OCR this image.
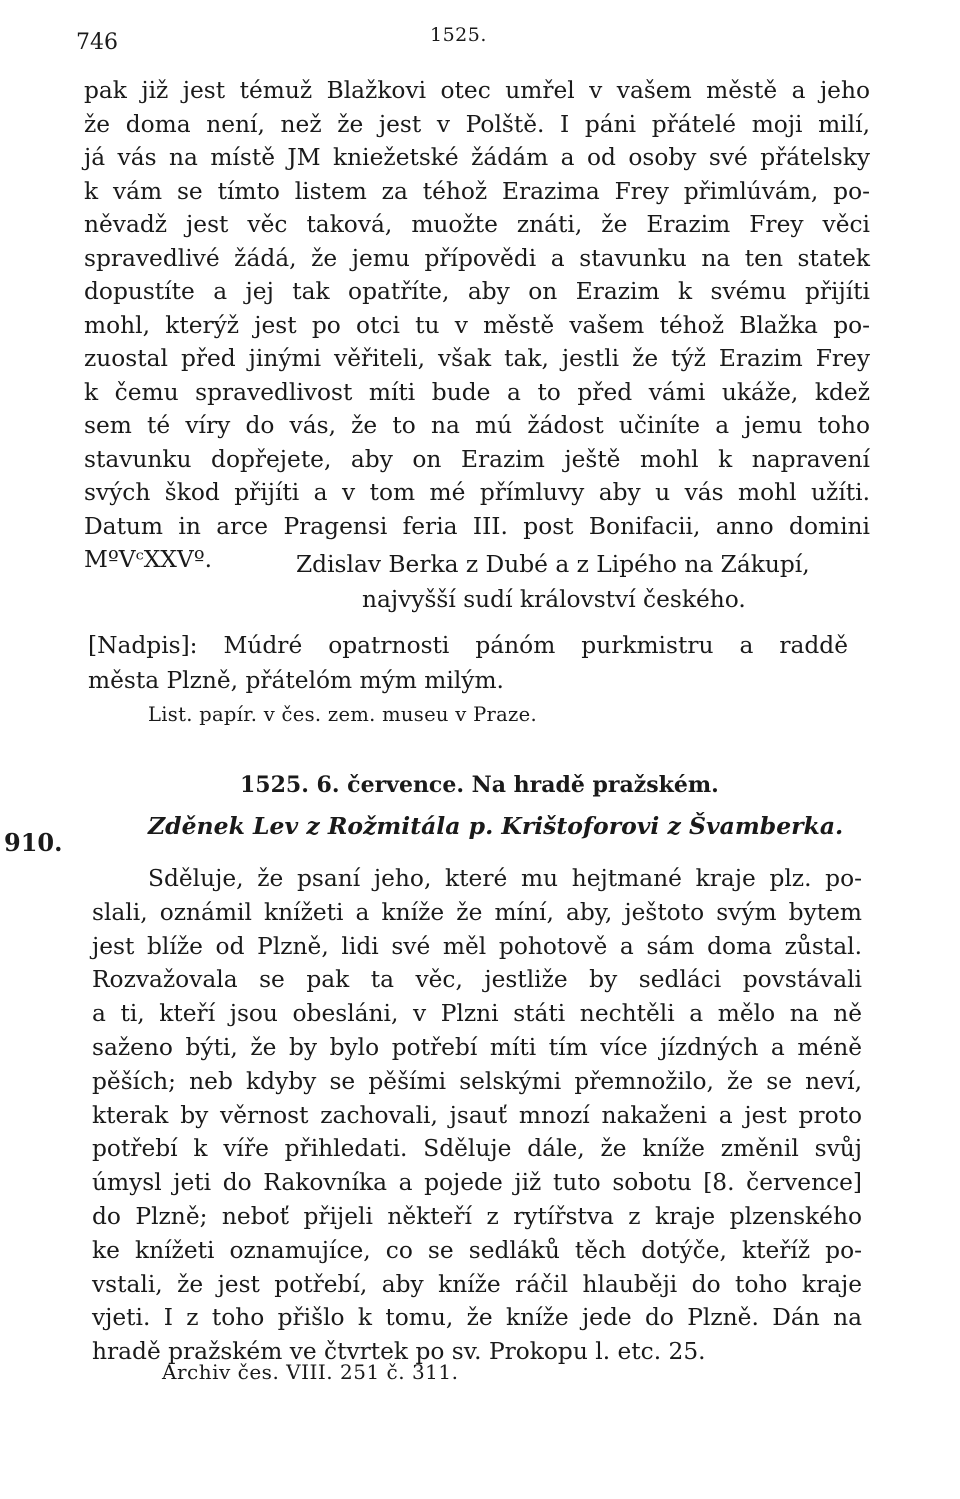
746	1525.
pak již jest témuž Blažkovi otec umřel v vašem městě a jeho
že doma není, než že jest v Polště. I páni přátelé moji milí,
já vás na místě JM kniežetské žádám a od osoby své přátelsky
k vám se tímto listem za téhož Erazima Frey přimlúvám, po-
něvadž jest věc taková, muožte znáti, že Erazim Frey věci
spravedlivé žádá, že jemu přípovědi a stavunku na ten statek
dopustíte a jej tak opatříte, aby on Erazim k svému přijíti
mohl, kterýž jest po otci tu v městě vašem téhož Blažka po-
zuostal před jinými věřiteli, však tak, jestli že týž Erazim Frey
k čemu spravedlivost míti bude a to před vámi ukáže, kdež
sem té víry do vás, že to na mú žádost učiníte a jemu toho
stavunku dopřejete, aby on Erazim ještě mohl k napravení
svých škod přijíti a v tom mé přímluvy aby u vás mohl užíti.
Datum in arce Pragensi feria III. post Bonifacii, anno domini
MºVᶜXXVº.	Zdislav Berka z Dubé a z Lipého na Zákupí,
najvyšší sudí království českého.
[Nadpis]: Múdré opatrnosti pánóm purkmistru a raddě
města Plzně, přátelóm mým milým.
List. papír. v čes. zem. museu v Praze.
1525. 6. července. Na hradě pražském.
910.
Zděnek Lev z Rožmitála p. Krištoforovi z Švamberka.
Sděluje, že psaní jeho, které mu hejtmané kraje plz. po-
slali, oznámil knížeti a kníže že míní, aby, ještoto svým bytem
jest blíže od Plzně, lidi své měl pohotově a sám doma zůstal.
Rozvažovala se pak ta věc, jestliže by sedláci povstávali
a ti, kteří jsou obesláni, v Plzni státi nechtěli a mělo na ně
saženo býti, že by bylo potřebí míti tím více jízdných a méně
pěších; neb kdyby se pěšími selskými přemnožilo, že se neví,
kterak by věrnost zachovali, jsauť mnozí nakaženi a jest proto
potřebí k víře přihledati. Sděluje dále, že kníže změnil svůj
úmysl jeti do Rakovníka a pojede již tuto sobotu [8. července]
do Plzně; neboť přijeli někteří z rytířstva z kraje plzenského
ke knížeti oznamujíce, co se sedláků těch dotýče, kteříž po-
vstali, že jest potřebí, aby kníže ráčil hlauběji do toho kraje
vjeti. I z toho přišlo k tomu, že kníže jede do Plzně. Dán na
hradě pražském ve čtvrtek po sv. Prokopu l. etc. 25.
Archiv čes. VIII. 251 č. 311.
